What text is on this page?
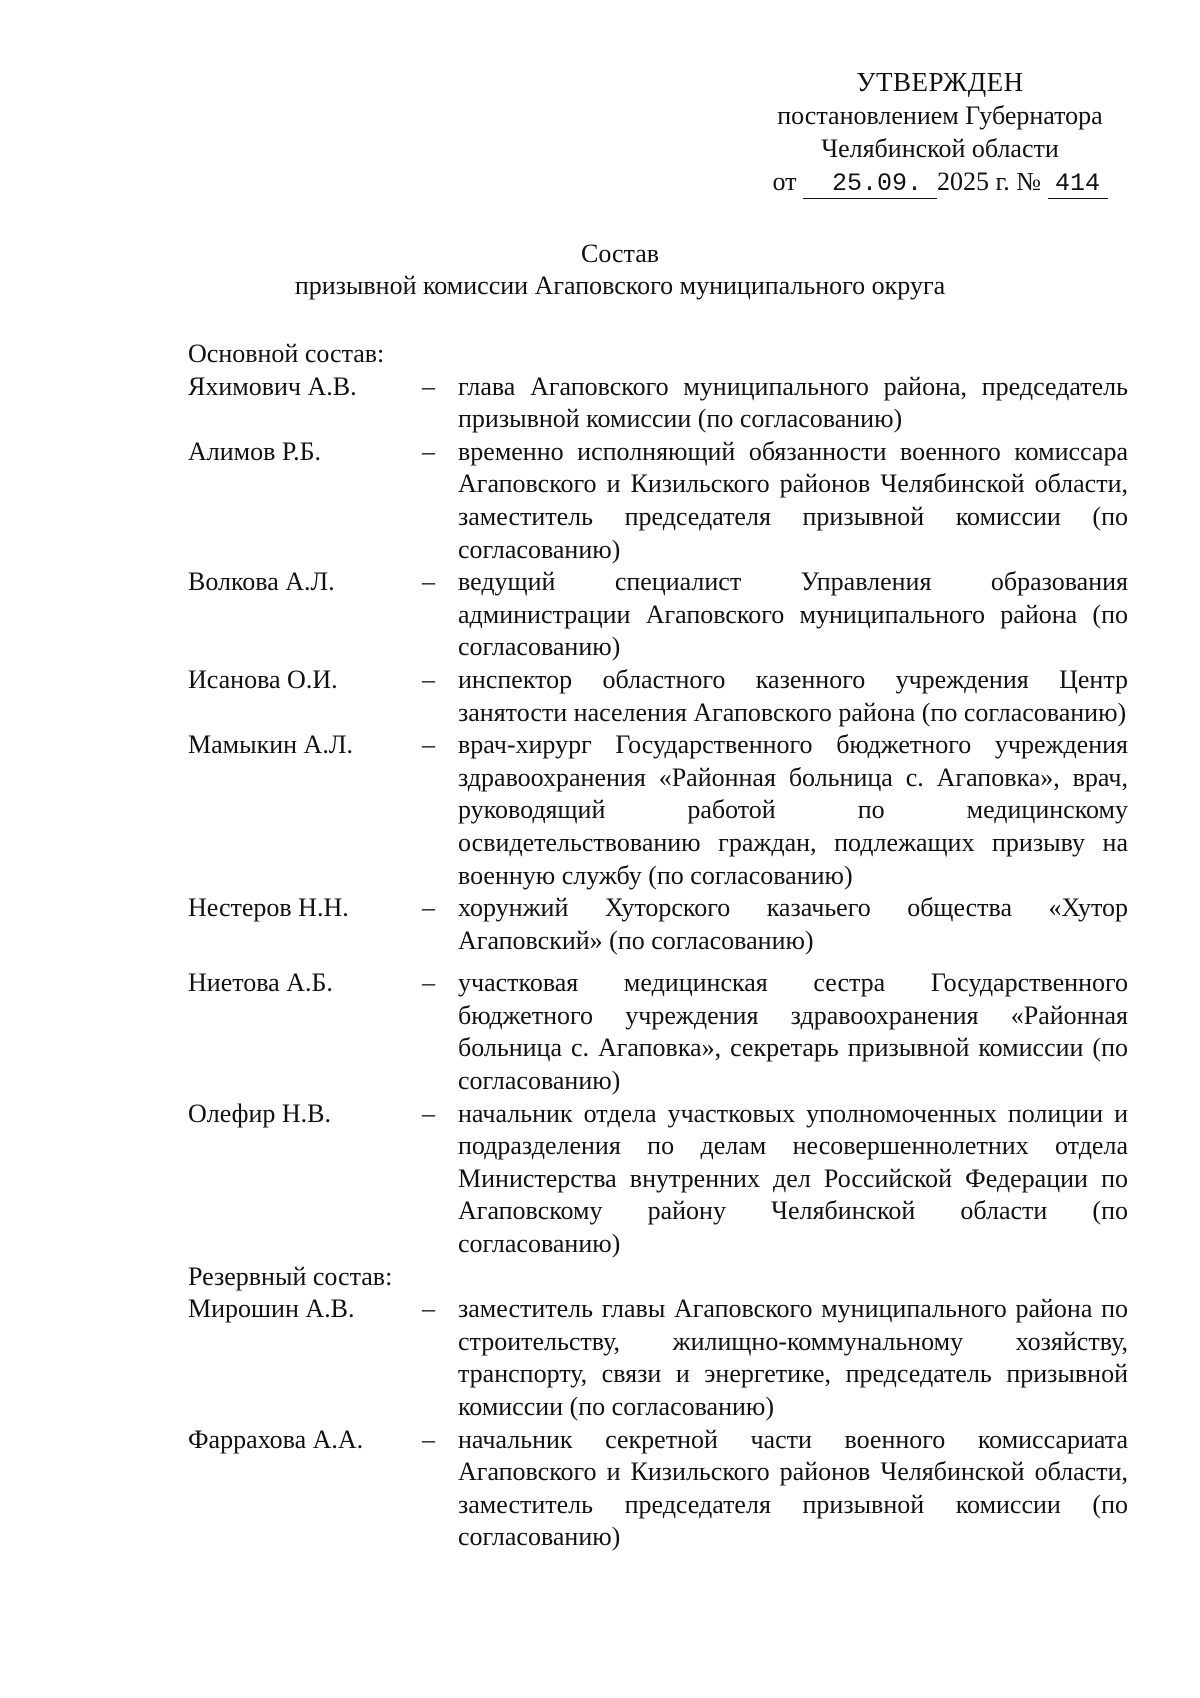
УТВЕРЖДЕН
постановлением Губернатора
Челябинской области
от 25.09. 2025 г. № 414
Состав
призывной комиссии Агаповского муниципального округа
Основной состав:
Яхимович А.В.	– глава Агаповского муниципального района, председатель призывной комиссии (по согласованию)
Алимов Р.Б.	– временно исполняющий обязанности военного комиссара Агаповского и Кизильского районов Челябинской области, заместитель председателя призывной комиссии (по согласованию)
Волкова А.Л.	– ведущий специалист Управления образования администрации Агаповского муниципального района (по согласованию)
Исанова О.И.	– инспектор областного казенного учреждения Центр занятости населения Агаповского района (по согласованию)
Мамыкин А.Л.	– врач-хирург Государственного бюджетного учреждения здравоохранения «Районная больница с. Агаповка», врач, руководящий работой по медицинскому освидетельствованию граждан, подлежащих призыву на военную службу (по согласованию)
Нестеров Н.Н.	– хорунжий Хуторского казачьего общества «Хутор Агаповский» (по согласованию)
Ниетова А.Б.	– участковая медицинская сестра Государственного бюджетного учреждения здравоохранения «Районная больница с. Агаповка», секретарь призывной комиссии (по согласованию)
Олефир Н.В.	– начальник отдела участковых уполномоченных полиции и подразделения по делам несовершеннолетних отдела Министерства внутренних дел Российской Федерации по Агаповскому району Челябинской области (по согласованию)
Резервный состав:
Мирошин А.В.	– заместитель главы Агаповского муниципального района по строительству, жилищно-коммунальному хозяйству, транспорту, связи и энергетике, председатель призывной комиссии (по согласованию)
Фаррахова А.А.	– начальник секретной части военного комиссариата Агаповского и Кизильского районов Челябинской области, заместитель председателя призывной комиссии (по согласованию)
